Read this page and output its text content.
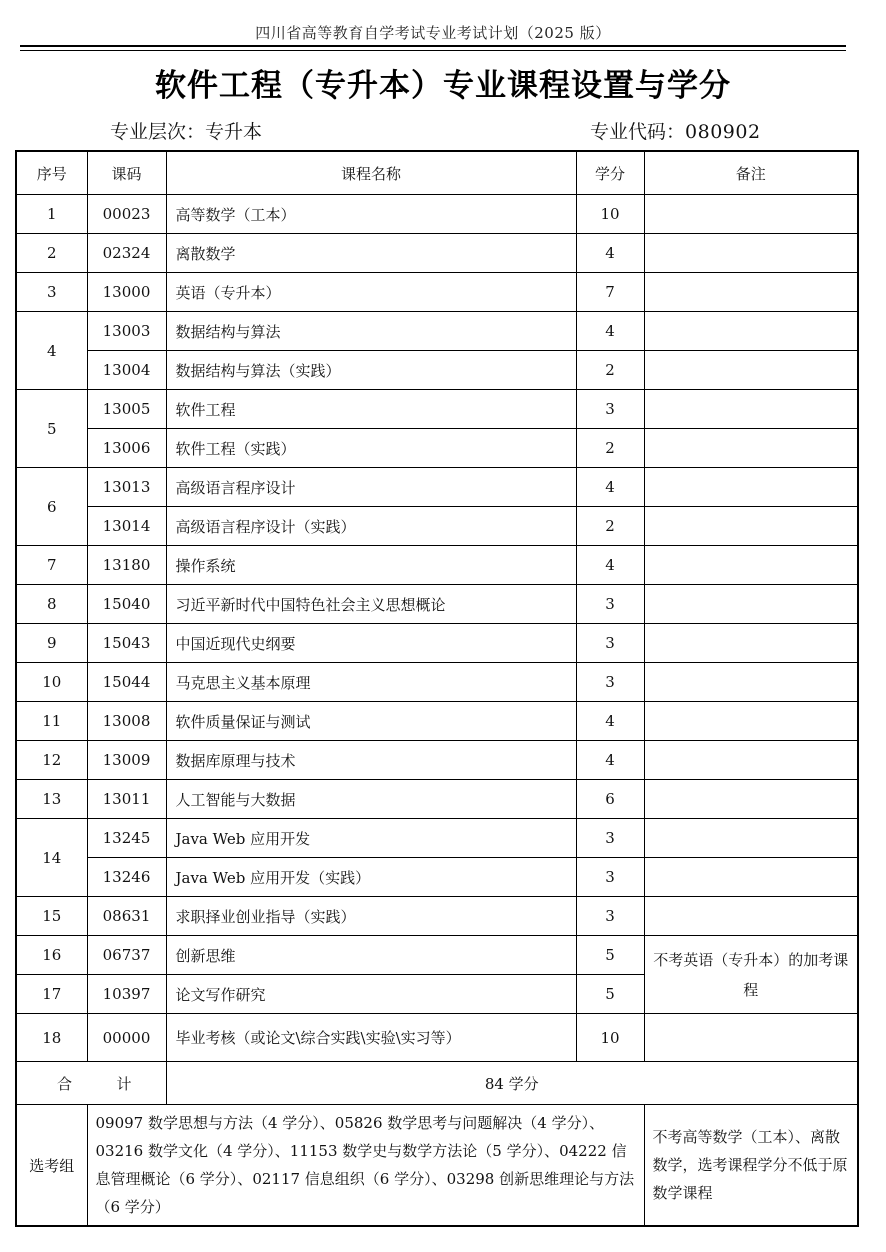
四川省高等教育自学考试专业考试计划（2025 版）
软件工程（专升本）专业课程设置与学分
专业层次：专升本	专业代码：080902
序号	课码	课程名称	学分	备注
1	00023	高等数学（工本）	10	
2	02324	离散数学	4	
3	13000	英语（专升本）	7	
4	13003	数据结构与算法	4	
	13004	数据结构与算法（实践）	2	
5	13005	软件工程	3	
	13006	软件工程（实践）	2	
6	13013	高级语言程序设计	4	
	13014	高级语言程序设计（实践）	2	
7	13180	操作系统	4	
8	15040	习近平新时代中国特色社会主义思想概论	3	
9	15043	中国近现代史纲要	3	
10	15044	马克思主义基本原理	3	
11	13008	软件质量保证与测试	4	
12	13009	数据库原理与技术	4	
13	13011	人工智能与大数据	6	
14	13245	Java Web 应用开发	3	
	13246	Java Web 应用开发（实践）	3	
15	08631	求职择业创业指导（实践）	3	
16	06737	创新思维	5	不考英语（专升本）的加考课程
17	10397	论文写作研究	5	
18	00000	毕业考核（或论文\综合实践\实验\实习等）	10	

合 计		84 学分		
选考组	09097 数学思想与方法（4 学分）、05826 数学思考与问题解决（4 学分）、03216 数学文化（4 学分）、11153 数学史与数学方法论（5 学分）、04222 信息管理概论（6 学分）、02117 信息组织（6 学分）、03298 创新思维理论与方法（6 学分）			不考高等数学（工本）、离散数学，选考课程学分不低于原数学课程
